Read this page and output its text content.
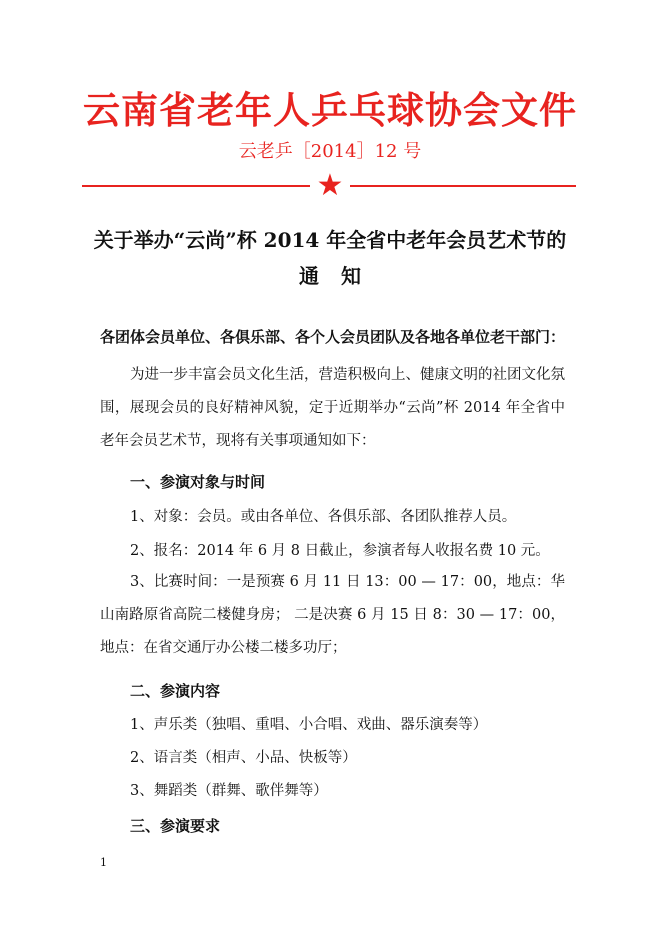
云南省老年人乒乓球协会文件
云老乒［2014］12 号
★
关于举办“云尚”杯 2014 年全省中老年会员艺术节的
通知
各团体会员单位、各俱乐部、各个人会员团队及各地各单位老干部门：
为进一步丰富会员文化生活，营造积极向上、健康文明的社团文化氛围，展现会员的良好精神风貌，定于近期举办“云尚”杯 2014 年全省中老年会员艺术节，现将有关事项通知如下：
一、参演对象与时间
1、对象：会员。或由各单位、各俱乐部、各团队推荐人员。
2、报名：2014 年 6 月 8 日截止，参演者每人收报名费 10 元。
3、比赛时间：一是预赛 6 月 11 日 13：00 — 17：00，地点：华山南路原省高院二楼健身房； 二是决赛 6 月 15 日 8：30 — 17：00，地点：在省交通厅办公楼二楼多功厅；
二、参演内容
1、声乐类（独唱、重唱、小合唱、戏曲、器乐演奏等）
2、语言类（相声、小品、快板等）
3、舞蹈类（群舞、歌伴舞等）
三、参演要求
1
